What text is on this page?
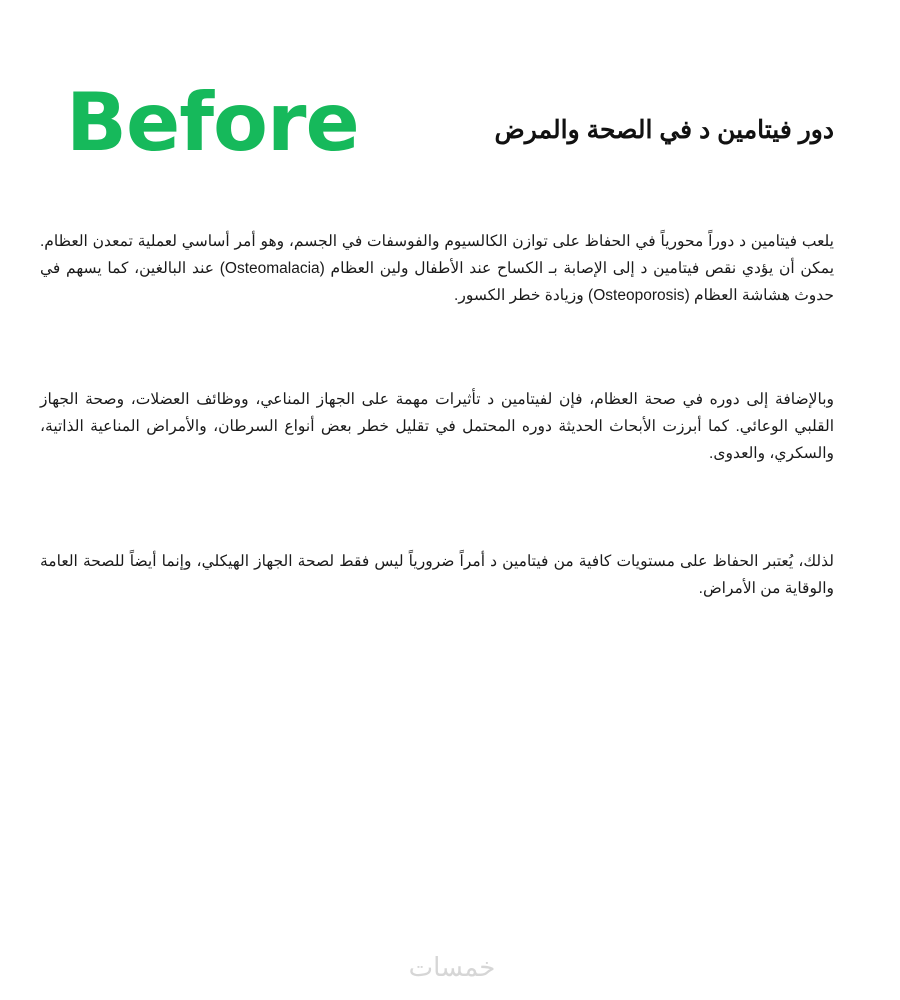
Before	دور فيتامين د في الصحة والمرض

يلعب فيتامين د دوراً محورياً في الحفاظ على توازن الكالسيوم والفوسفات في الجسم، وهو أمر أساسي لعملية تمعدن العظام. يمكن أن يؤدي نقص فيتامين د إلى الإصابة بـ الكساح عند الأطفال ولين العظام (Osteomalacia) عند البالغين، كما يسهم في حدوث هشاشة العظام (Osteoporosis) وزيادة خطر الكسور.

وبالإضافة إلى دوره في صحة العظام، فإن لفيتامين د تأثيرات مهمة على الجهاز المناعي، ووظائف العضلات، وصحة الجهاز القلبي الوعائي. كما أبرزت الأبحاث الحديثة دوره المحتمل في تقليل خطر بعض أنواع السرطان، والأمراض المناعية الذاتية، والسكري، والعدوى.

لذلك، يُعتبر الحفاظ على مستويات كافية من فيتامين د أمراً ضرورياً ليس فقط لصحة الجهاز الهيكلي، وإنما أيضاً للصحة العامة والوقاية من الأمراض.

خمسات
